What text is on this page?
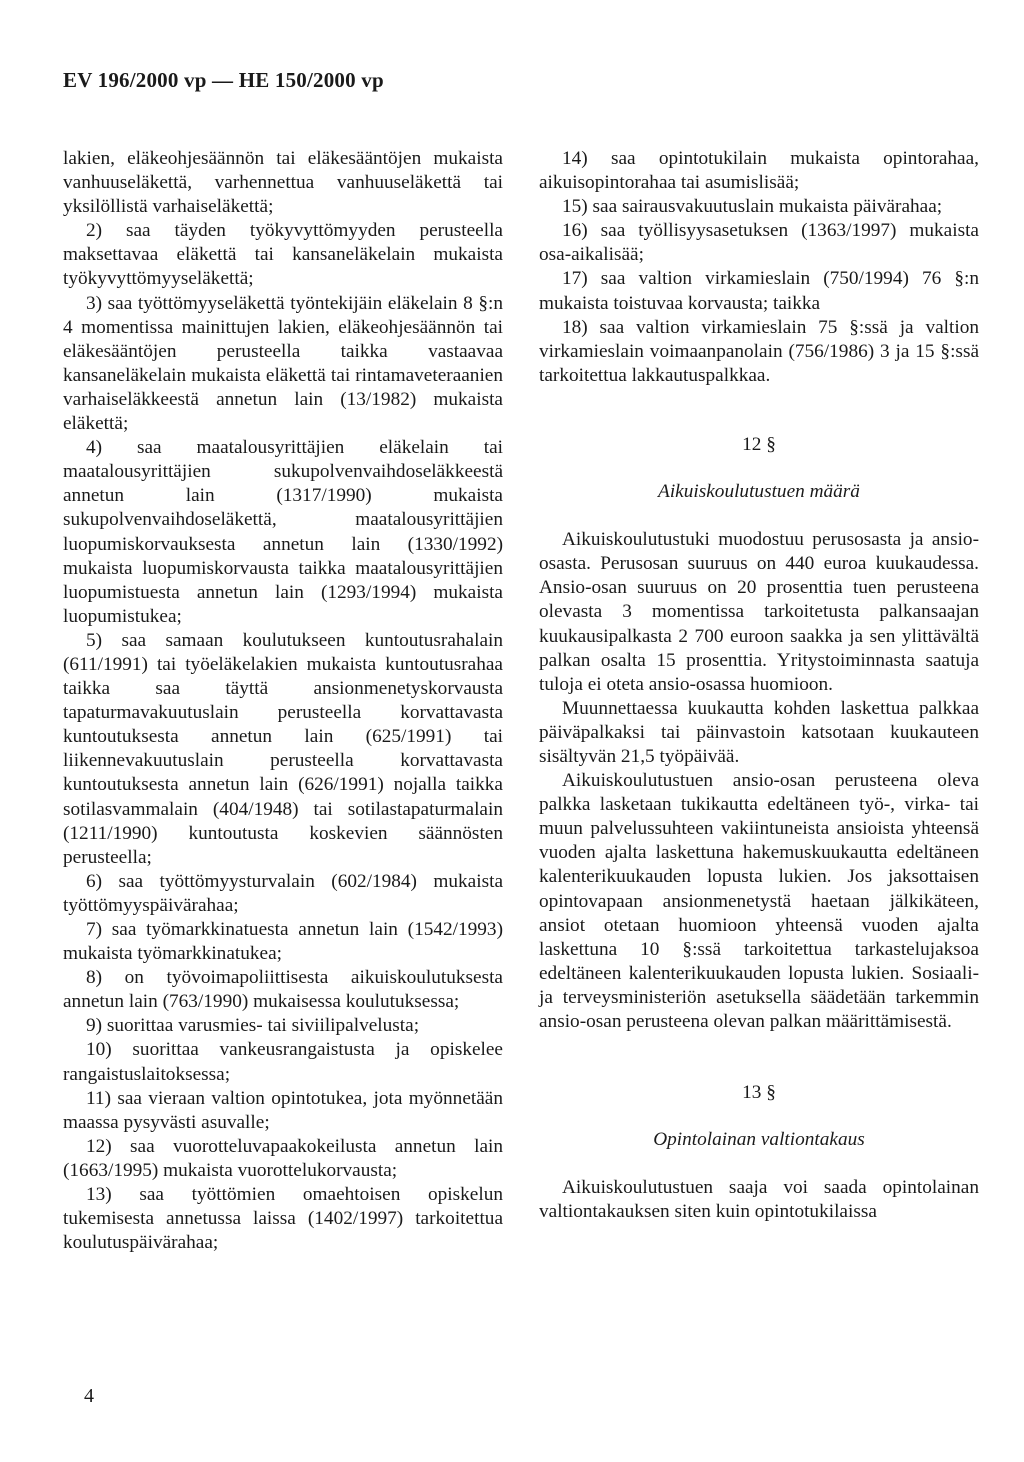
EV 196/2000 vp — HE 150/2000 vp

lakien, eläkeohjesäännön tai eläkesääntöjen mukaista vanhuuseläkettä, varhennettua vanhuuseläkettä tai yksilöllistä varhaiseläkettä;

2) saa täyden työkyvyttömyyden perusteella maksettavaa eläkettä tai kansaneläkelain mukaista työkyvyttömyyseläkettä;

3) saa työttömyyseläkettä työntekijäin eläkelain 8 §:n 4 momentissa mainittujen lakien, eläkeohjesäännön tai eläkesääntöjen perusteella taikka vastaavaa kansaneläkelain mukaista eläkettä tai rintamaveteraanien varhaiseläkkeestä annetun lain (13/1982) mukaista eläkettä;

4) saa maatalousyrittäjien eläkelain tai maatalousyrittäjien sukupolvenvaihdoseläkkeestä annetun lain (1317/1990) mukaista sukupolvenvaihdoseläkettä, maatalousyrittäjien luopumiskorvauksesta annetun lain (1330/1992) mukaista luopumiskorvausta taikka maatalousyrittäjien luopumistuesta annetun lain (1293/1994) mukaista luopumistukea;

5) saa samaan koulutukseen kuntoutusrahalain (611/1991) tai työeläkelakien mukaista kuntoutusrahaa taikka saa täyttä ansionmenetyskorvausta tapaturmavakuutuslain perusteella korvattavasta kuntoutuksesta annetun lain (625/1991) tai liikennevakuutuslain perusteella korvattavasta kuntoutuksesta annetun lain (626/1991) nojalla taikka sotilasvammalain (404/1948) tai sotilastapaturmalain (1211/1990) kuntoutusta koskevien säännösten perusteella;

6) saa työttömyysturvalain (602/1984) mukaista työttömyyspäivärahaa;

7) saa työmarkkinatuesta annetun lain (1542/1993) mukaista työmarkkinatukea;

8) on työvoimapoliittisesta aikuiskoulutuksesta annetun lain (763/1990) mukaisessa koulutuksessa;

9) suorittaa varusmies- tai siviilipalvelusta;

10) suorittaa vankeusrangaistusta ja opiskelee rangaistuslaitoksessa;

11) saa vieraan valtion opintotukea, jota myönnetään maassa pysyvästi asuvalle;

12) saa vuorotteluvapaakokeilusta annetun lain (1663/1995) mukaista vuorottelukorvausta;

13) saa työttömien omaehtoisen opiskelun tukemisesta annetussa laissa (1402/1997) tarkoitettua koulutuspäivärahaa;

14) saa opintotukilain mukaista opintorahaa, aikuisopintorahaa tai asumislisää;

15) saa sairausvakuutuslain mukaista päivärahaa;

16) saa työllisyysasetuksen (1363/1997) mukaista osa-aikalisää;

17) saa valtion virkamieslain (750/1994) 76 §:n mukaista toistuvaa korvausta; taikka

18) saa valtion virkamieslain 75 §:ssä ja valtion virkamieslain voimaanpanolain (756/1986) 3 ja 15 §:ssä tarkoitettua lakkautuspalkkaa.

12 §
Aikuiskoulutustuen määrä

Aikuiskoulutustuki muodostuu perusosasta ja ansio-osasta. Perusosan suuruus on 440 euroa kuukaudessa. Ansio-osan suuruus on 20 prosenttia tuen perusteena olevasta 3 momentissa tarkoitetusta palkansaajan kuukausipalkasta 2 700 euroon saakka ja sen ylittävältä palkan osalta 15 prosenttia. Yritystoiminnasta saatuja tuloja ei oteta ansio-osassa huomioon.

Muunnettaessa kuukautta kohden laskettua palkkaa päiväpalkaksi tai päinvastoin katsotaan kuukauteen sisältyvän 21,5 työpäivää.

Aikuiskoulutustuen ansio-osan perusteena oleva palkka lasketaan tukikautta edeltäneen työ-, virka- tai muun palvelussuhteen vakiintuneista ansioista yhteensä vuoden ajalta laskettuna hakemuskuukautta edeltäneen kalenterikuukauden lopusta lukien. Jos jaksottaisen opintovapaan ansionmenetystä haetaan jälkikäteen, ansiot otetaan huomioon yhteensä vuoden ajalta laskettuna 10 §:ssä tarkoitettua tarkastelujaksoa edeltäneen kalenterikuukauden lopusta lukien. Sosiaali- ja terveysministeriön asetuksella säädetään tarkemmin ansio-osan perusteena olevan palkan määrittämisestä.

13 §
Opintolainan valtiontakaus

Aikuiskoulutustuen saaja voi saada opintolainan valtiontakauksen siten kuin opintotukilaissa

4
